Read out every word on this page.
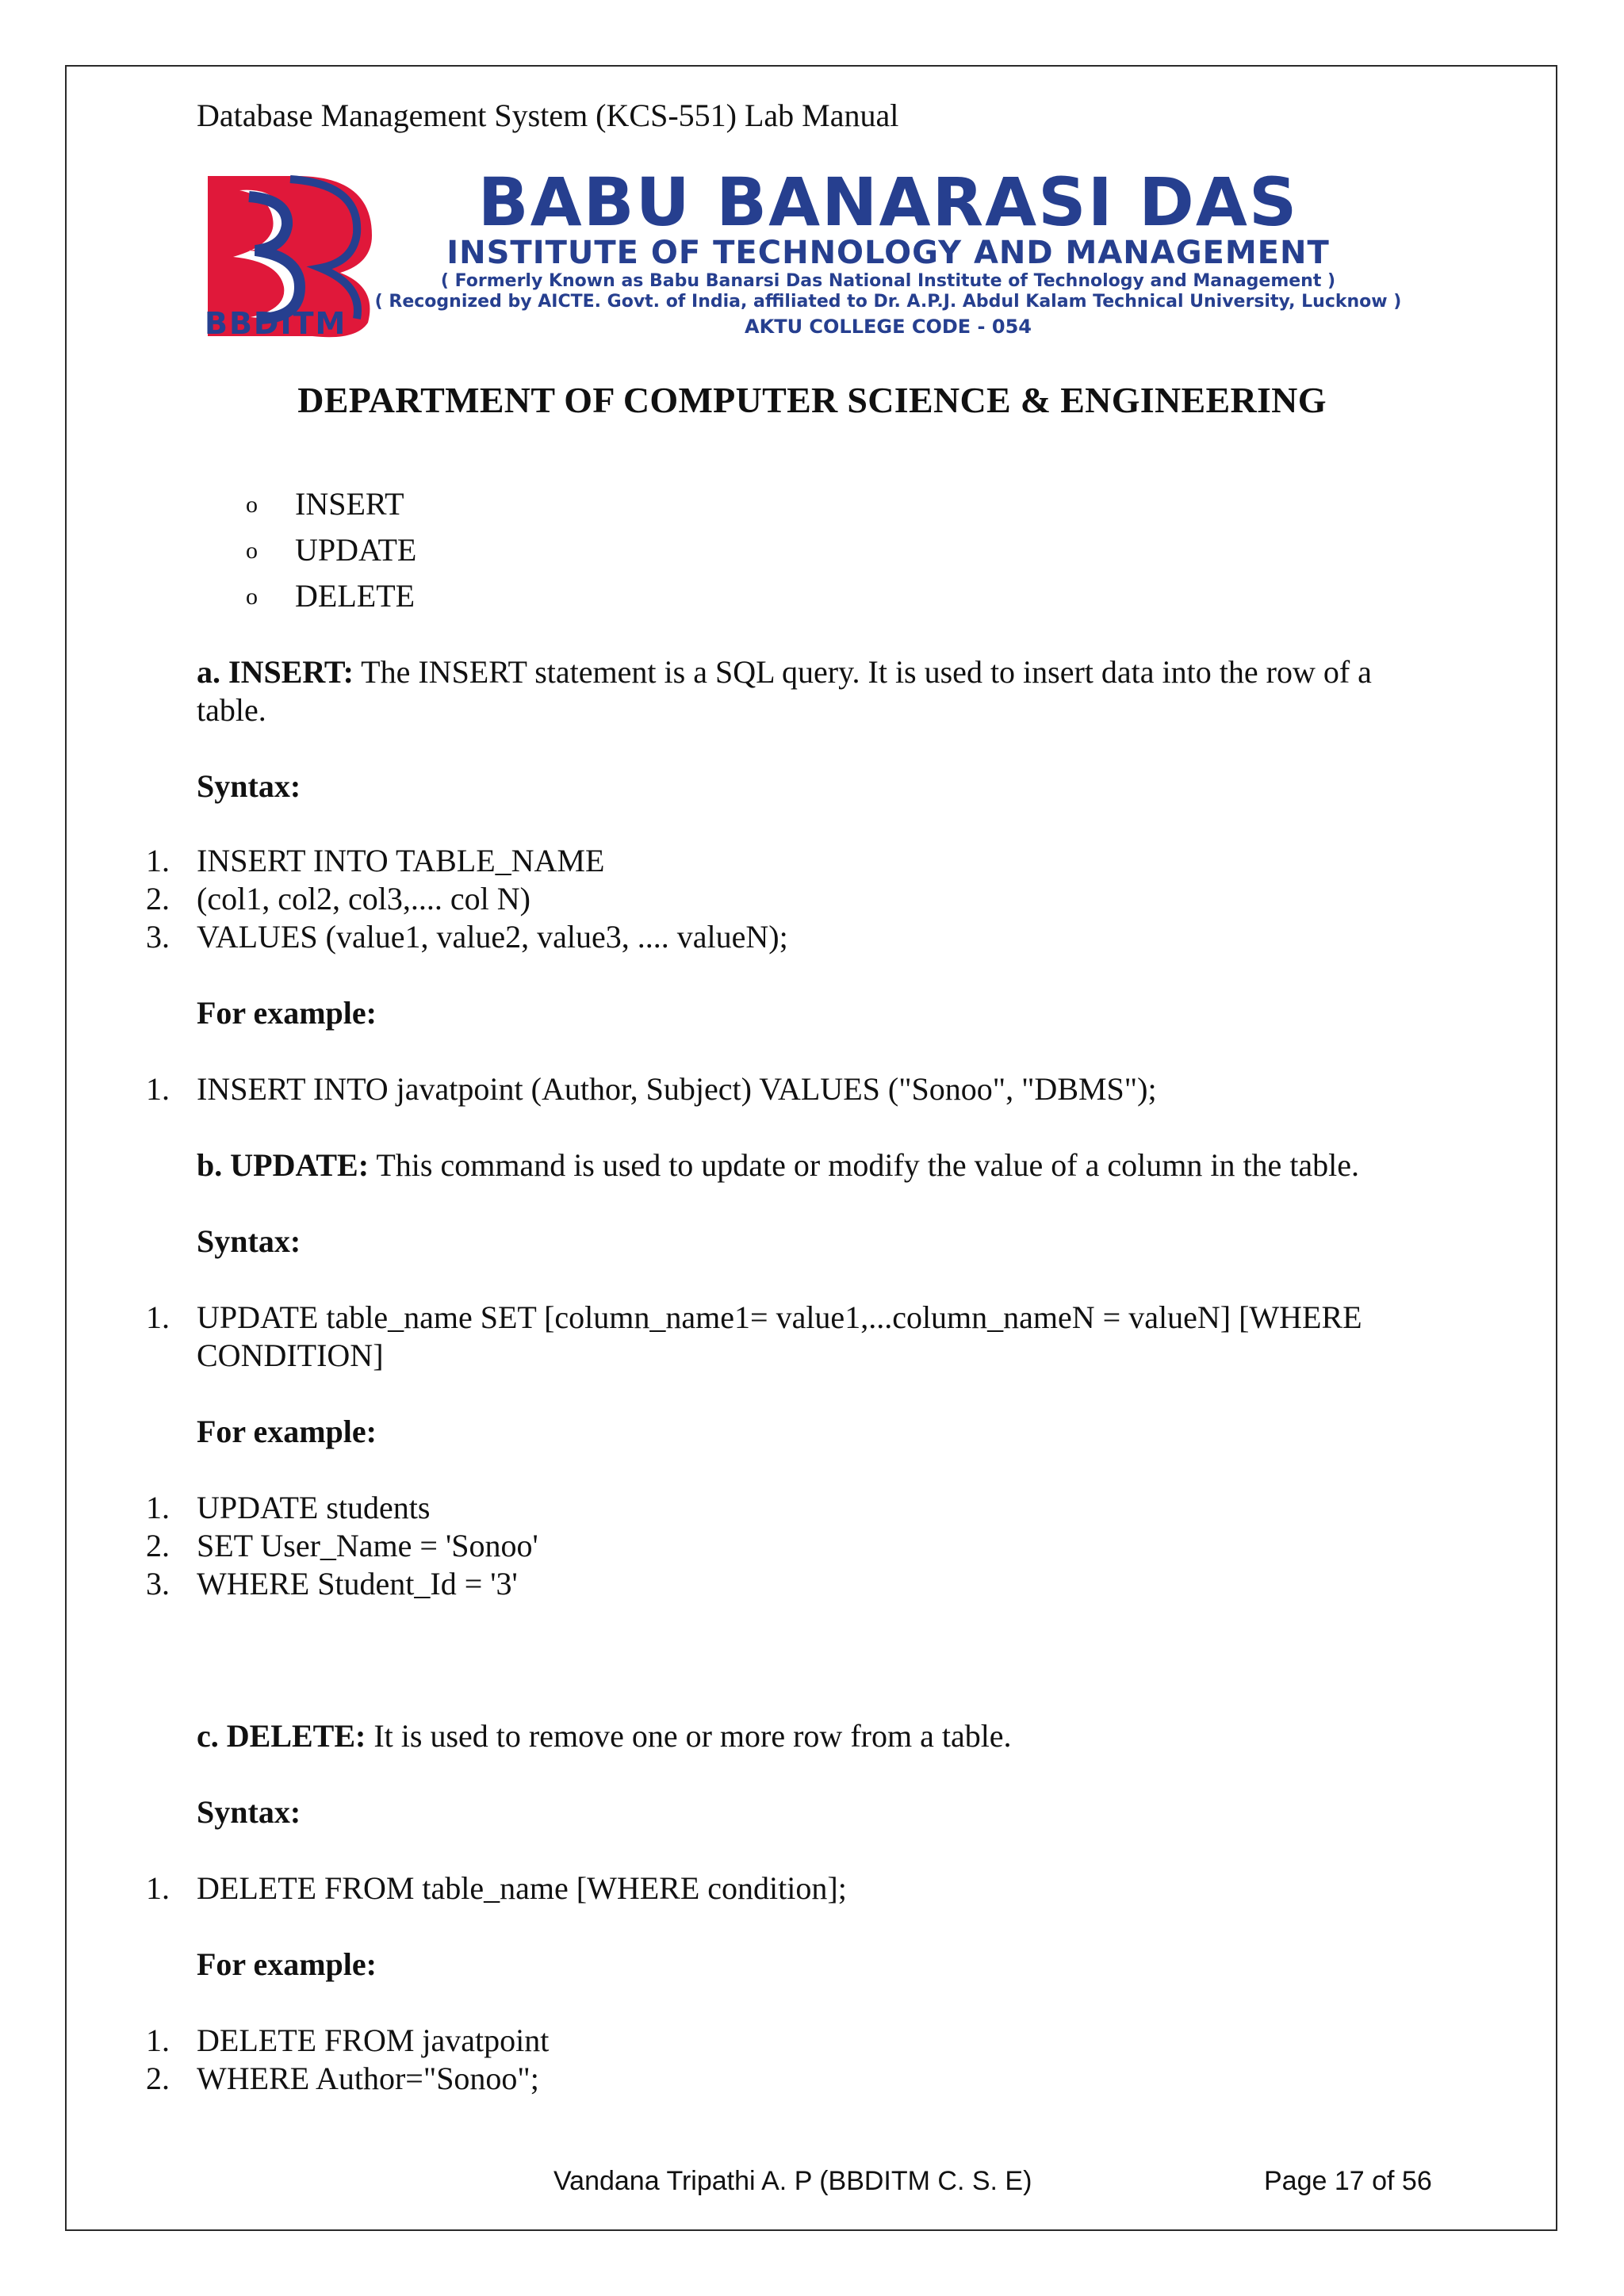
Database Management System (KCS-551) Lab Manual
BBDITM
BABU BANARASI DAS
INSTITUTE OF TECHNOLOGY AND MANAGEMENT
( Formerly Known as Babu Banarsi Das National Institute of Technology and Management )
( Recognized by AICTE. Govt. of India, affiliated to Dr. A.P.J. Abdul Kalam Technical University, Lucknow )
AKTU COLLEGE CODE - 054
DEPARTMENT OF COMPUTER SCIENCE & ENGINEERING
o INSERT
o UPDATE
o DELETE
a. INSERT: The INSERT statement is a SQL query. It is used to insert data into the row of a
table.
Syntax:
1. INSERT INTO TABLE_NAME
2. (col1, col2, col3,.... col N)
3. VALUES (value1, value2, value3, .... valueN);
For example:
1. INSERT INTO javatpoint (Author, Subject) VALUES ("Sonoo", "DBMS");
b. UPDATE: This command is used to update or modify the value of a column in the table.
Syntax:
1. UPDATE table_name SET [column_name1= value1,...column_nameN = valueN] [WHERE
CONDITION]
For example:
1. UPDATE students
2. SET User_Name = 'Sonoo'
3. WHERE Student_Id = '3'
c. DELETE: It is used to remove one or more row from a table.
Syntax:
1. DELETE FROM table_name [WHERE condition];
For example:
1. DELETE FROM javatpoint
2. WHERE Author="Sonoo";
Vandana Tripathi A. P (BBDITM C. S. E)	Page 17 of 56
